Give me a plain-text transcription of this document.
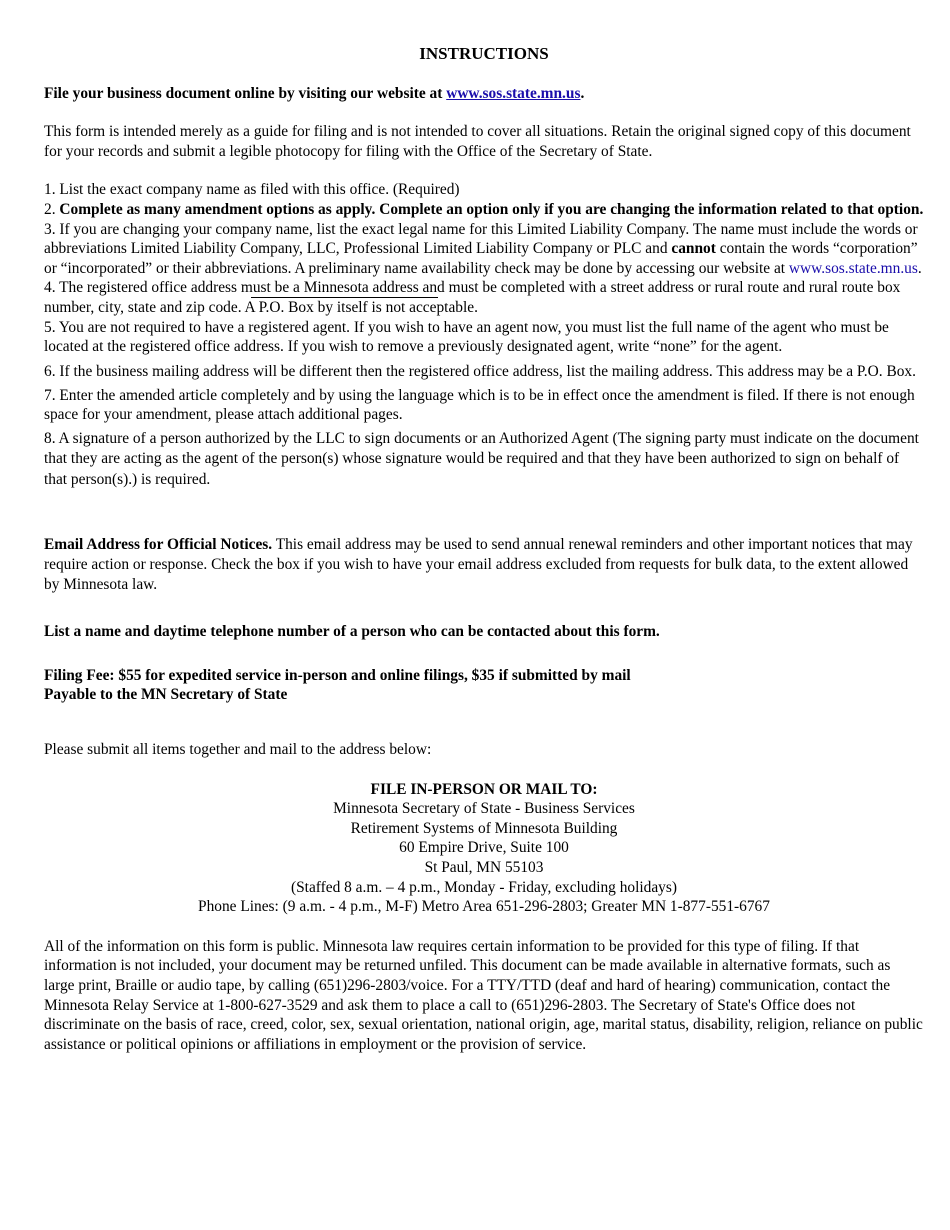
INSTRUCTIONS

File your business document online by visiting our website at www.sos.state.mn.us.

This form is intended merely as a guide for filing and is not intended to cover all situations. Retain the original signed copy of this document for your records and submit a legible photocopy for filing with the Office of the Secretary of State.

1. List the exact company name as filed with this office. (Required)

2. Complete as many amendment options as apply. Complete an option only if you are changing the information related to that option.

3. If you are changing your company name, list the exact legal name for this Limited Liability Company. The name must include the words or abbreviations Limited Liability Company, LLC, Professional Limited Liability Company or PLC and cannot contain the words “corporation” or “incorporated” or their abbreviations. A preliminary name availability check may be done by accessing our website at www.sos.state.mn.us.

4. The registered office address must be a Minnesota address and must be completed with a street address or rural route and rural route box number, city, state and zip code. A P.O. Box by itself is not acceptable.

5. You are not required to have a registered agent. If you wish to have an agent now, you must list the full name of the agent who must be located at the registered office address. If you wish to remove a previously designated agent, write “none” for the agent.

6. If the business mailing address will be different then the registered office address, list the mailing address. This address may be a P.O. Box.

7. Enter the amended article completely and by using the language which is to be in effect once the amendment is filed. If there is not enough space for your amendment, please attach additional pages.

8. A signature of a person authorized by the LLC to sign documents or an Authorized Agent (The signing party must indicate on the document that they are acting as the agent of the person(s) whose signature would be required and that they have been authorized to sign on behalf of that person(s).) is required.

Email Address for Official Notices. This email address may be used to send annual renewal reminders and other important notices that may require action or response. Check the box if you wish to have your email address excluded from requests for bulk data, to the extent allowed by Minnesota law.

List a name and daytime telephone number of a person who can be contacted about this form.

Filing Fee: $55 for expedited service in-person and online filings, $35 if submitted by mail

Payable to the MN Secretary of State

Please submit all items together and mail to the address below:

FILE IN-PERSON OR MAIL TO:

Minnesota Secretary of State - Business Services

Retirement Systems of Minnesota Building

60 Empire Drive, Suite 100

St Paul, MN 55103

(Staffed 8 a.m. – 4 p.m., Monday - Friday, excluding holidays)

Phone Lines: (9 a.m. - 4 p.m., M-F) Metro Area 651-296-2803; Greater MN 1-877-551-6767

All of the information on this form is public. Minnesota law requires certain information to be provided for this type of filing. If that information is not included, your document may be returned unfiled. This document can be made available in alternative formats, such as large print, Braille or audio tape, by calling (651)296-2803/voice. For a TTY/TTD (deaf and hard of hearing) communication, contact the Minnesota Relay Service at 1-800-627-3529 and ask them to place a call to (651)296-2803. The Secretary of State's Office does not discriminate on the basis of race, creed, color, sex, sexual orientation, national origin, age, marital status, disability, religion, reliance on public assistance or political opinions or affiliations in employment or the provision of service.
